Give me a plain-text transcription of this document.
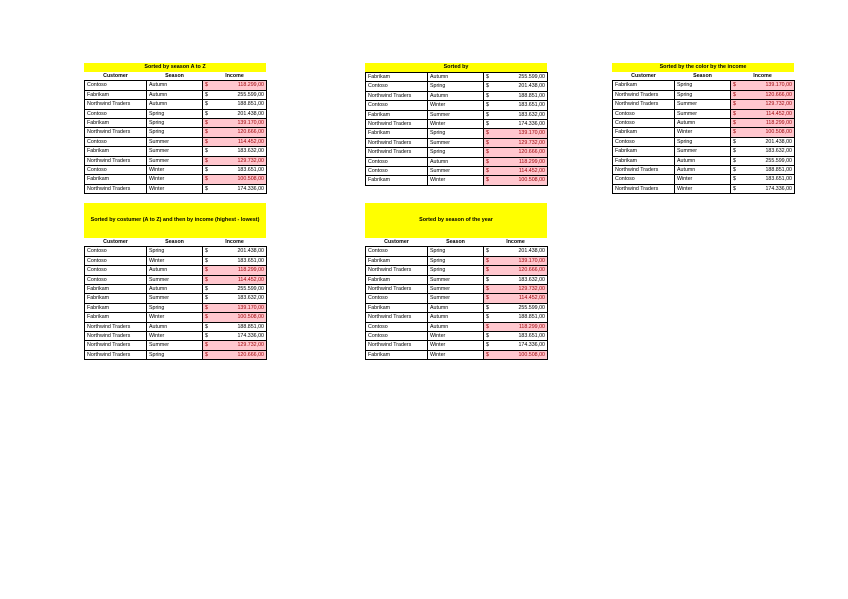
Sorted by season A to Z
Customer	Season	Income
Contoso	Autumn	$ 118.299,00
Fabrikam	Autumn	$ 255.599,00
Northwind Traders	Autumn	$ 188.851,00
Contoso	Spring	$ 201.438,00
Fabrikam	Spring	$ 139.170,00
Northwind Traders	Spring	$ 120.666,00
Contoso	Summer	$ 114.452,00
Fabrikam	Summer	$ 183.632,00
Northwind Traders	Summer	$ 129.732,00
Contoso	Winter	$ 183.651,00
Fabrikam	Winter	$ 100.508,00
Northwind Traders	Winter	$ 174.336,00
Sorted by
Fabrikam	Autumn	$ 255.599,00
Contoso	Spring	$ 201.438,00
Northwind Traders	Autumn	$ 188.851,00
Contoso	Winter	$ 183.651,00
Fabrikam	Summer	$ 183.632,00
Northwind Traders	Winter	$ 174.336,00
Fabrikam	Spring	$ 139.170,00
Northwind Traders	Summer	$ 129.732,00
Northwind Traders	Spring	$ 120.666,00
Contoso	Autumn	$ 118.299,00
Contoso	Summer	$ 114.452,00
Fabrikam	Winter	$ 100.508,00
Sorted by the color by the income
Customer	Season	Income
Fabrikam	Spring	$ 139.170,00
Northwind Traders	Spring	$ 120.666,00
Northwind Traders	Summer	$ 129.732,00
Contoso	Summer	$ 114.452,00
Contoso	Autumn	$ 118.299,00
Fabrikam	Winter	$ 100.508,00
Contoso	Spring	$ 201.438,00
Fabrikam	Summer	$ 183.632,00
Fabrikam	Autumn	$ 255.599,00
Northwind Traders	Autumn	$ 188.851,00
Contoso	Winter	$ 183.651,00
Northwind Traders	Winter	$ 174.336,00
Sorted by costumer (A to Z) and then by income (highest - lowest)
Customer	Season	Income
Contoso	Spring	$ 201.438,00
Contoso	Winter	$ 183.651,00
Contoso	Autumn	$ 118.299,00
Contoso	Summer	$ 114.452,00
Fabrikam	Autumn	$ 255.599,00
Fabrikam	Summer	$ 183.632,00
Fabrikam	Spring	$ 139.170,00
Fabrikam	Winter	$ 100.508,00
Northwind Traders	Autumn	$ 188.851,00
Northwind Traders	Winter	$ 174.336,00
Northwind Traders	Summer	$ 129.732,00
Northwind Traders	Spring	$ 120.666,00
Sorted by season of the year
Customer	Season	Income
Contoso	Spring	$ 201.438,00
Fabrikam	Spring	$ 139.170,00
Northwind Traders	Spring	$ 120.666,00
Fabrikam	Summer	$ 183.632,00
Northwind Traders	Summer	$ 129.732,00
Contoso	Summer	$ 114.452,00
Fabrikam	Autumn	$ 255.599,00
Northwind Traders	Autumn	$ 188.851,00
Contoso	Autumn	$ 118.299,00
Contoso	Winter	$ 183.651,00
Northwind Traders	Winter	$ 174.336,00
Fabrikam	Winter	$ 100.508,00
